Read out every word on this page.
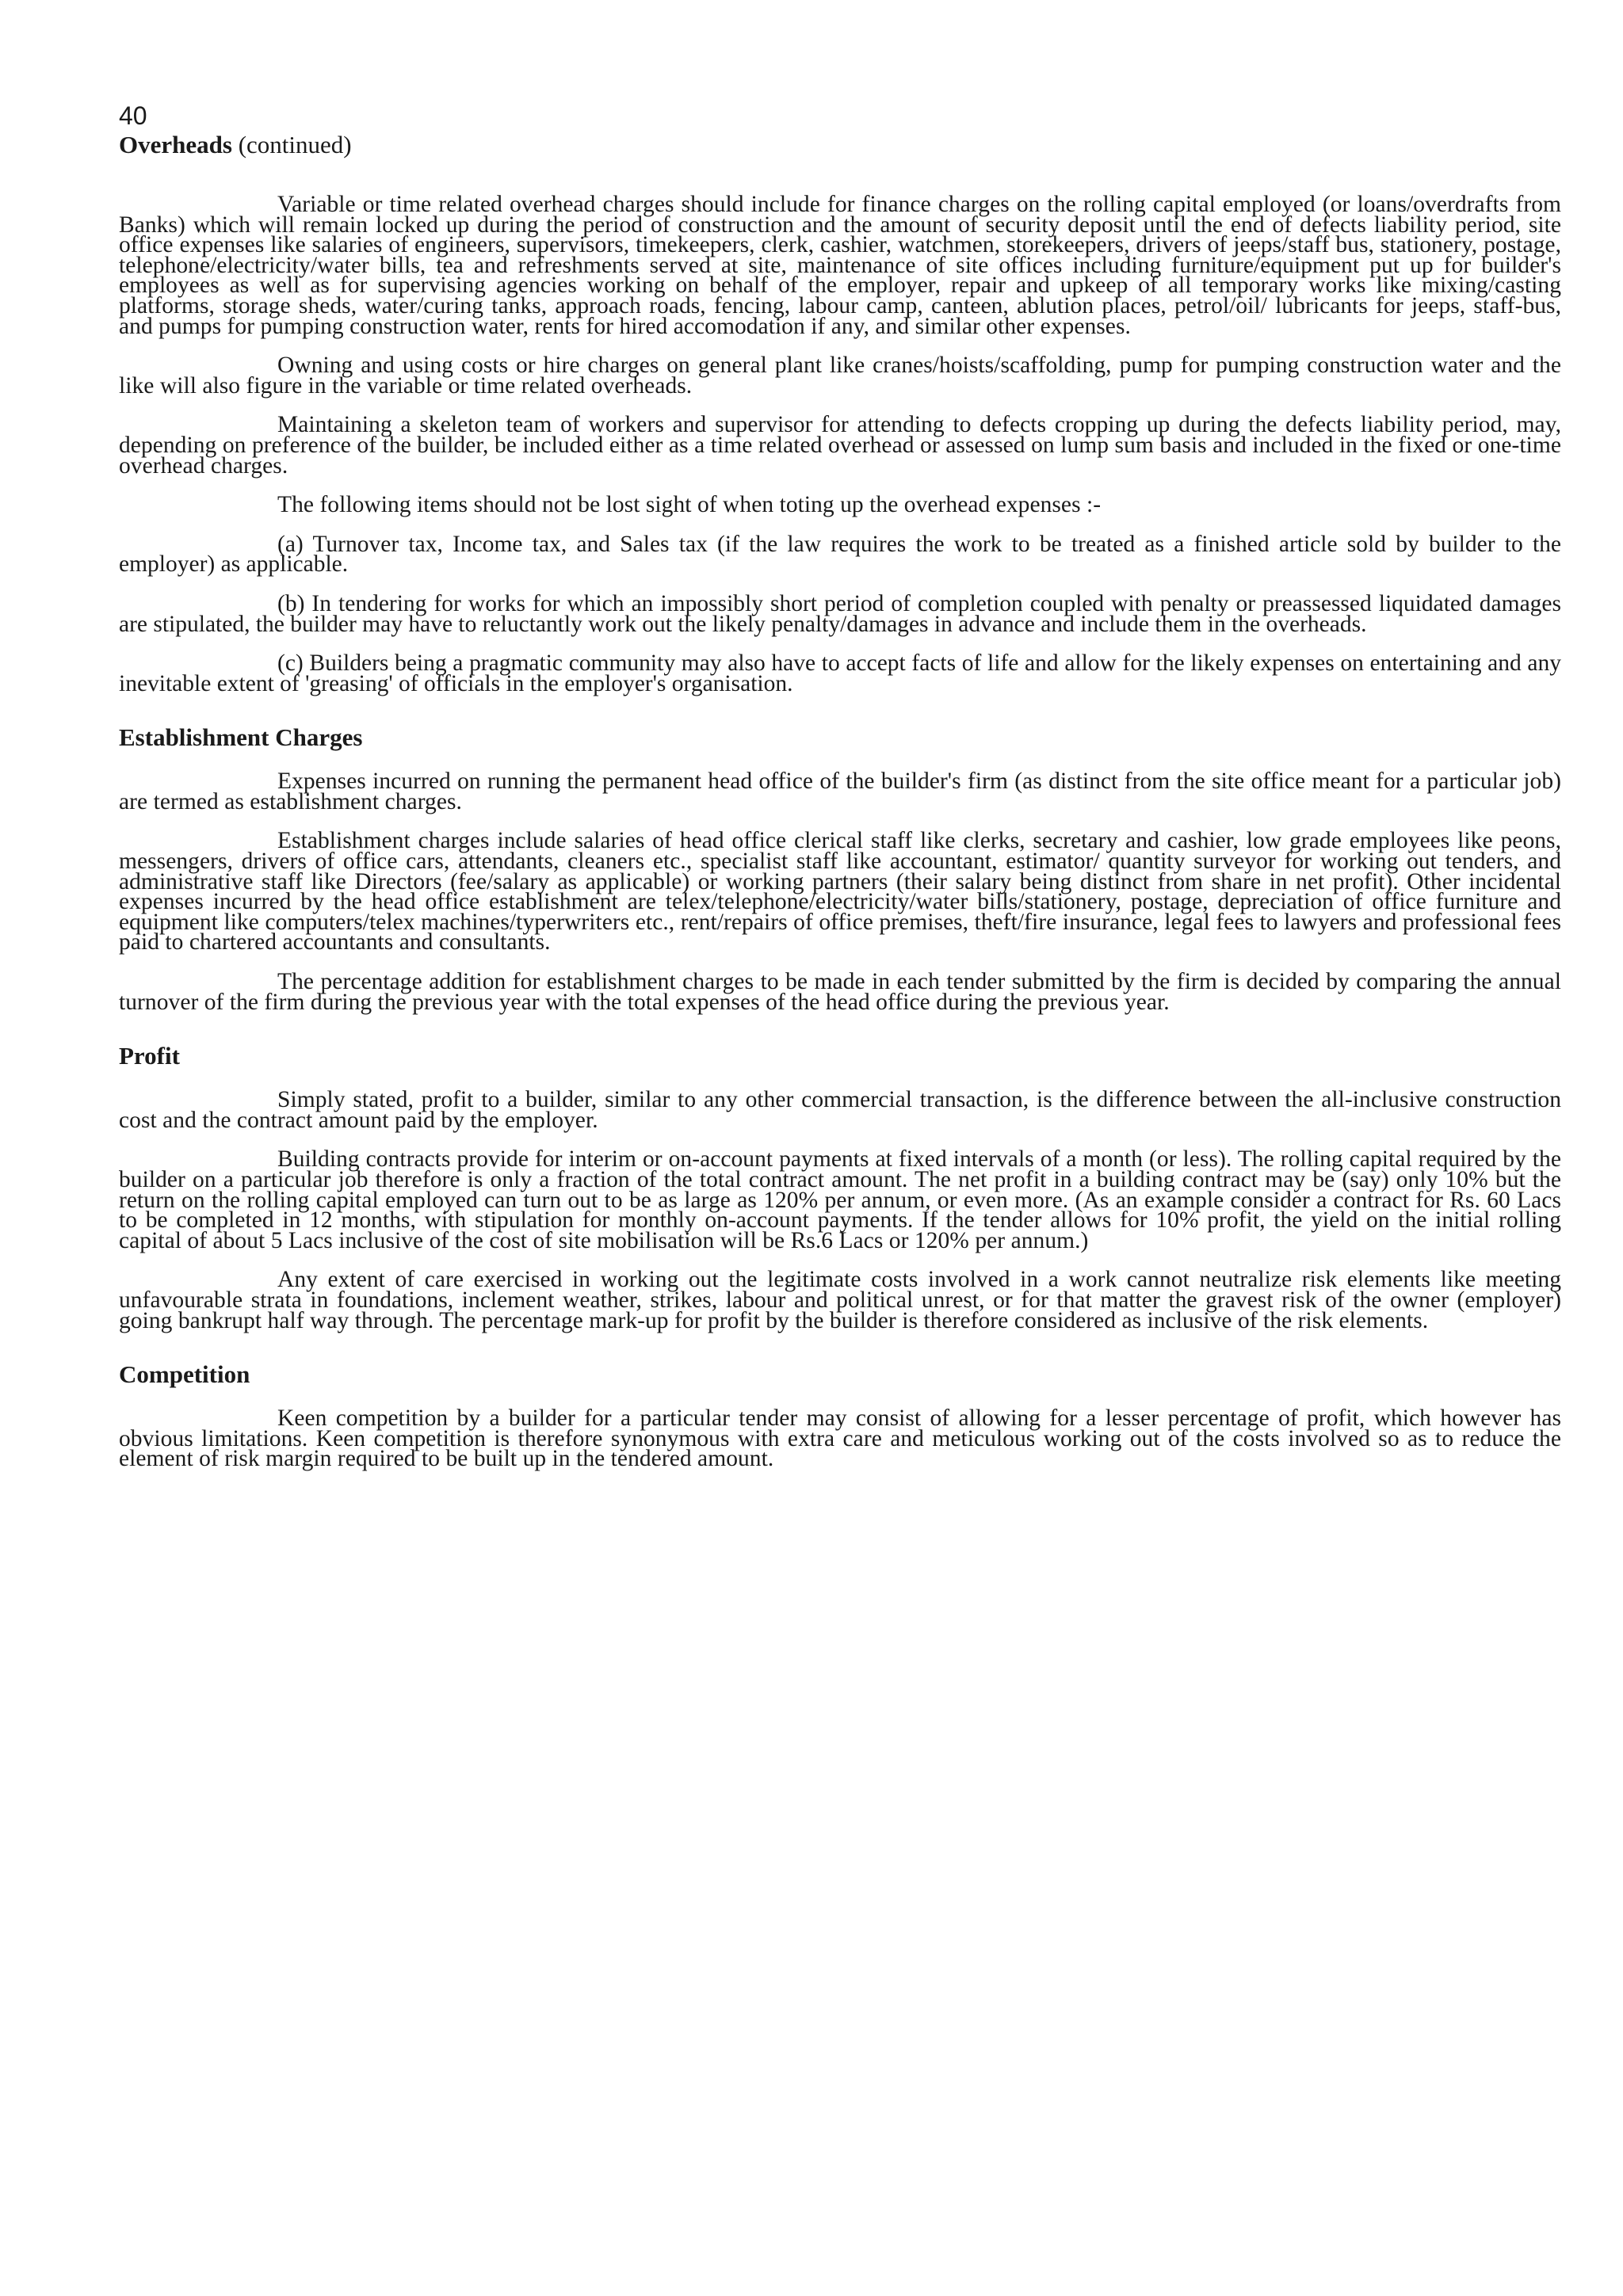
40

Overheads (continued)

Variable or time related overhead charges should include for finance charges on the rolling capital employed (or loans/overdrafts from Banks) which will remain locked up during the period of construction and the amount of security deposit until the end of defects liability period, site office expenses like salaries of engineers, supervisors, timekeepers, clerk, cashier, watchmen, storekeepers, drivers of jeeps/staff bus, stationery, postage, telephone/electricity/water bills, tea and refreshments served at site, maintenance of site offices including furniture/equipment put up for builder's employees as well as for supervising agencies working on behalf of the employer, repair and upkeep of all temporary works like mixing/casting platforms, storage sheds, water/curing tanks, approach roads, fencing, labour camp, canteen, ablution places, petrol/oil/ lubricants for jeeps, staff-bus, and pumps for pumping construction water, rents for hired accomodation if any, and similar other expenses.

Owning and using costs or hire charges on general plant like cranes/hoists/scaffolding, pump for pumping construction water and the like will also figure in the variable or time related overheads.

Maintaining a skeleton team of workers and supervisor for attending to defects cropping up during the defects liability period, may, depending on preference of the builder, be included either as a time related overhead or assessed on lump sum basis and included in the fixed or one-time overhead charges.

The following items should not be lost sight of when toting up the overhead expenses :-

(a) Turnover tax, Income tax, and Sales tax (if the law requires the work to be treated as a finished article sold by builder to the employer) as applicable.

(b) In tendering for works for which an impossibly short period of completion coupled with penalty or preassessed liquidated damages are stipulated, the builder may have to reluctantly work out the likely penalty/damages in advance and include them in the overheads.

(c) Builders being a pragmatic community may also have to accept facts of life and allow for the likely expenses on entertaining and any inevitable extent of 'greasing' of officials in the employer's organisation.

Establishment Charges

Expenses incurred on running the permanent head office of the builder's firm (as distinct from the site office meant for a particular job) are termed as establishment charges.

Establishment charges include salaries of head office clerical staff like clerks, secretary and cashier, low grade employees like peons, messengers, drivers of office cars, attendants, cleaners etc., specialist staff like accountant, estimator/ quantity surveyor for working out tenders, and administrative staff like Directors (fee/salary as applicable) or working partners (their salary being distinct from share in net profit). Other incidental expenses incurred by the head office establishment are telex/telephone/electricity/water bills/stationery, postage, depreciation of office furniture and equipment like computers/telex machines/typerwriters etc., rent/repairs of office premises, theft/fire insurance, legal fees to lawyers and professional fees paid to chartered accountants and consultants.

The percentage addition for establishment charges to be made in each tender submitted by the firm is decided by comparing the annual turnover of the firm during the previous year with the total expenses of the head office during the previous year.

Profit

Simply stated, profit to a builder, similar to any other commercial transaction, is the difference between the all-inclusive construction cost and the contract amount paid by the employer.

Building contracts provide for interim or on-account payments at fixed intervals of a month (or less). The rolling capital required by the builder on a particular job therefore is only a fraction of the total contract amount. The net profit in a building contract may be (say) only 10% but the return on the rolling capital employed can turn out to be as large as 120% per annum, or even more. (As an example consider a contract for Rs. 60 Lacs to be completed in 12 months, with stipulation for monthly on-account payments. If the tender allows for 10% profit, the yield on the initial rolling capital of about 5 Lacs inclusive of the cost of site mobilisation will be Rs.6 Lacs or 120% per annum.)

Any extent of care exercised in working out the legitimate costs involved in a work cannot neutralize risk elements like meeting unfavourable strata in foundations, inclement weather, strikes, labour and political unrest, or for that matter the gravest risk of the owner (employer) going bankrupt half way through. The percentage mark-up for profit by the builder is therefore considered as inclusive of the risk elements.

Competition

Keen competition by a builder for a particular tender may consist of allowing for a lesser percentage of profit, which however has obvious limitations. Keen competition is therefore synonymous with extra care and meticulous working out of the costs involved so as to reduce the element of risk margin required to be built up in the tendered amount.
